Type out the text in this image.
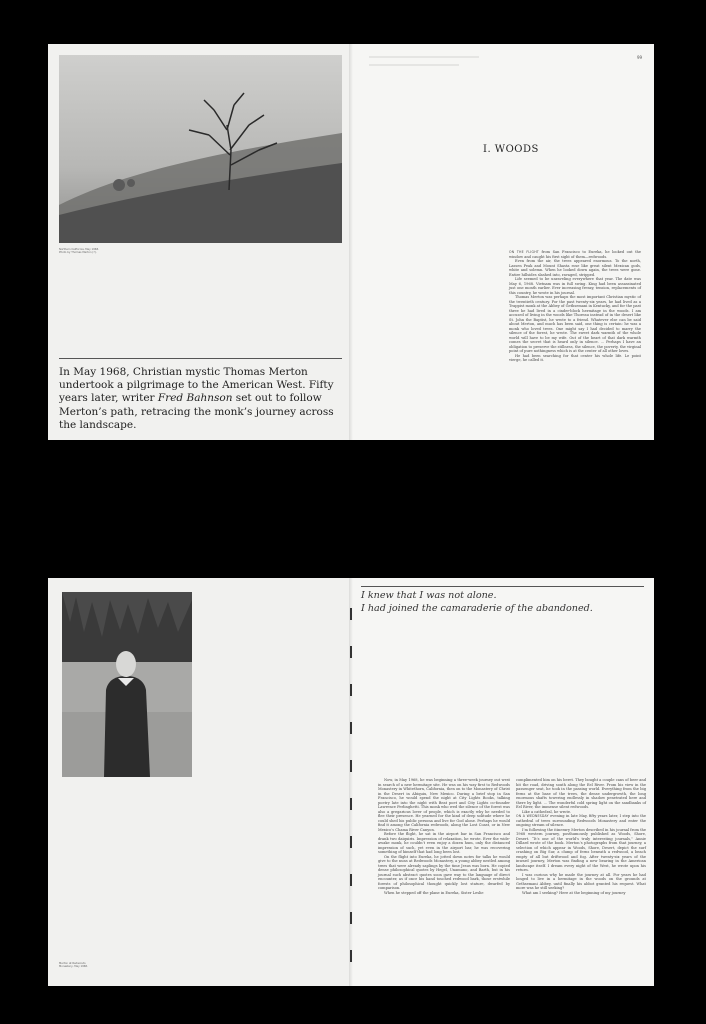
Northern California, May 1968.
Photo by Thomas Merton (?).
In May 1968, Christian mystic Thomas Merton undertook a pilgrimage to the American West. Fifty years later, writer Fred Bahnson set out to follow Merton’s path, retracing the monk’s journey across the landscape.
99
I. WOODS

ON THE FLIGHT from San Francisco to Eureka, he looked out the window and caught his first sight of them—redwoods.

Even from the air, the trees appeared enormous. To the north, Lassen Peak and Mount Shasta rose like great silent Mexican gods, white and solemn. When he looked down again, the trees were gone. Entire hillsides slashed into, ravaged, stripped.

Life seemed to be unraveling everywhere that year. The date was May 6, 1968. Vietnam was in full swing. King had been assassinated just one month earlier. Ever increasing frenzy, tension, replacements of this country, he wrote in his journal.

Thomas Merton was perhaps the most important Christian mystic of the twentieth century. For the past twenty-six years, he had lived as a Trappist monk at the Abbey of Gethsemani in Kentucky, and for the past three he had lived in a cinder-block hermitage in the woods. I am accused of living in the woods like Thoreau instead of in the desert like St. John the Baptist, he wrote to a friend. Whatever else can be said about Merton, and much has been said, one thing is certain: he was a monk who loved trees. One might say I had decided to marry the silence of the forest, he wrote. The sweet dark warmth of the whole world will have to be my wife. Out of the heart of that dark warmth comes the secret that is heard only in silence. … Perhaps I have an obligation to preserve the stillness, the silence, the poverty, the virginal point of pure nothingness which is at the center of all other loves.

He had been searching for that center his whole life. Le point vierge, he called it.

Merton at Redwoods
Monastery, May 1968.
I knew that I was not alone.
I had joined the camaraderie of the abandoned.

Now, in May 1968, he was beginning a three-week journey out west in search of a new hermitage site. He was on his way first to Redwoods Monastery in Whitethorn, California, then on to the Monastery of Christ in the Desert in Abiquiu, New Mexico. During a brief stop in San Francisco, he would spend the night at City Lights Books, talking poetry late into the night with Beat poet and City Lights co-founder Lawrence Ferlinghetti. This monk who wed the silence of the forest was also a gregarious lover of people, which is exactly why he needed to flee their presence. He yearned for the kind of deep solitude where he could shed his public persona and live for God alone. Perhaps he would find it among the California redwoods, along the Lost Coast, or in New Mexico’s Chama River Canyon.

Before the flight, he sat in the airport bar in San Francisco and drank two daiquiris. Impression of relaxation, he wrote. Ever the wide-awake monk, he couldn’t even enjoy a dozen hum, only the distanced impression of such, yet even in the airport bar, he was recovering something of himself that had long been lost.

On the flight into Eureka, he jotted down notes for talks he would give to the nuns at Redwoods Monastery, a young abbey nestled among trees that were already saplings by the time Jesus was born. He copied dense philosophical quotes by Hegel, Unamuno, and Barth, but in his journal such abstract quotes soon gave way to the language of direct encounter, as if once his hand touched redwood bark, those erstwhile forests of philosophical thought quickly lost stature, dwarfed by comparison.

When he stepped off the plane in Eureka, Sister Leslie

complimented him on his beret. They bought a couple cans of beer and hit the road, driving south along the Eel River. From his view in the passenger seat, he took in the passing world. Everything from the big ferns at the base of the trees, the dense undergrowth, the long enormous shafts towering endlessly in shadow penetrated here and there by light. … The wonderful cold spring light on the sandbanks of Eel River, the immense silent redwoods.

Like a cathedral, he wrote.

ON A WEDNESDAY evening in late May, fifty years later, I step into the cathedral of trees surrounding Redwoods Monastery and enter the ongoing stream of silence.

I’m following the itinerary Merton described in his journal from the 1968 western journey, posthumously published as Woods, Shore, Desert. “It’s one of the world’s truly interesting journals,” Annie Dillard wrote of the book. Merton’s photographs from that journey, a selection of which appear in Woods, Shore, Desert, depict the surf crashing on Big Sur, a clump of ferns beneath a redwood, a beach empty of all but driftwood and fog. After twenty-six years of the inward journey, Merton was finding a new bearing in the American landscape itself. I dream every night of the West, he wrote upon his return.

I was curious why he made the journey at all. For years he had longed to live in a hermitage in the woods on the grounds at Gethsemani Abbey, until finally his abbot granted his request. What more was he still seeking?

What am I seeking? Here at the beginning of my journey
